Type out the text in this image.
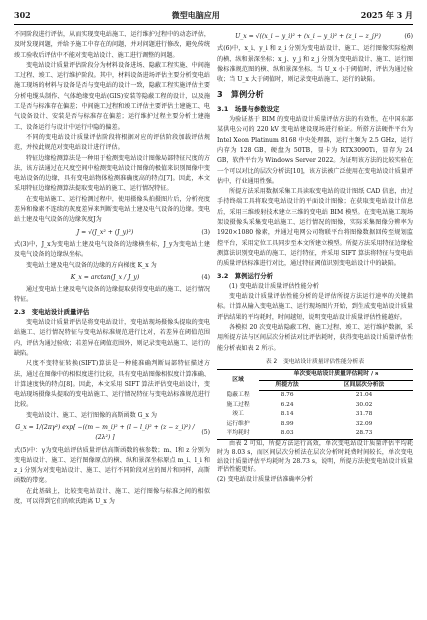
302	微型电脑应用	2025 年 3 月

不同阶段进行评估，从而实现变电站施工、运行维护过程中的动态评估，及时发现问题，并给予施工中存在的问题，并对问题进行修改，避免传统竣工验收后评估中不能对变电站设计、施工进行调整的问题。

变电站设计质量评估阶段分为材料设备进场、隐蔽工程实施、中间施工过程、竣工、运行维护阶段。其中，材料设备进场评估主要分析变电站施工现场的材料与设备是否与变电站的设计一致，隐蔽工程实施评估主要分析电缆头制作、气体绝缘变电站(GIS)安装等隐蔽工程的设计，以及施工是否与标准存在偏差；中间施工过程和竣工评估主要评估土建施工、电气设备设计、安装是否与标准存在偏差；运行维护过程主要分析土建施工、设备运行与设计中运行中隐的偏差。

不同的变电站设计质量评估阶段将根据对应的评估阶段加载评估规范，并按此规范对变电站设计进行评估。

特征边缘检测算法是一种用于检测变电站设计图像局部特征尺度的方法，该方法通过在尺度空间中检测变电站设计图像的极值来识别图像中变电站设备的边缘，具有变电站物体检测准确度高的特点[7]。因此，本文采用特征边缘检测算法提取变电站的施工、运行情况特征。

在变电站施工、运行检测过程中，使用摄像头拍摄图片后，分析亮度差异和像素不连续的灰度差异来判断变电站土建及电气设备的边缘。变电站土建及电气设备的边缘灰度J为

J = √(J_x² + (J_y)²)	(3)

式(3)中，J_x为变电站土建及电气设备的边缘横坐标，J_y为变电站土建及电气设备的边缘纵坐标。

变电站土建及电气设备的边缘的方向梯度 K_x 为

K_x = arctan(J_x / J_y)	(4)

通过变电站土建及电气设备的边缘提取获得变电站的施工、运行情况特征。

2.3　变电站设计质量评估

变电站设计质量评估是将变电站设计，变电站现场摄像头提取的变电站施工、运行情况特征与变电站标准规范进行比对，若差异在阈值范围内，评估为通过验收；若差异在阈值范围外，则记录变电站施工、运行的缺陷。

尺度不变特征转换(SIFT)算法是一种能准确判断局部特征描述方法，通过在图像中的相似度进行比较，具有变电站图像相似度计算准确、计算速度快的特点[8]。因此，本文采用 SIFT 算法评估变电站设计，变电站现场摄像头提取的变电站施工、运行情况特征与变电站标准规范进行比较。

变电站设计、施工、运行图像的高斯函数 G_x 为

G_x = 1/(2πγ²) exp[ −((m − m_i)² + (l − l_i)² + (z − z_i)²) / (2λ²) ]
(5)

式(5)中：γ为变电站评估质量评估高斯函数的核参数；m、l和 z 分别为变电站设计、施工、运行图像原点的横、纵和景深坐标原点 m_i、l_i 和 z_i 分别为对变电站设计、施工、运行不同阶段对应的图片和同样，高斯函数的带宽。

在此基础上，比较变电站设计、施工、运行图像与标准之间的相似度，可以得到它们的欧氏距离 U_x 为

U_x = √((x_i − y_i)² + (x_i − y_i)² + (z_i − z_j)²)	(6)

式(6)中，x_i、y_i 和 z_i 分别为变电站设计、施工、运行图像实际检测的横、纵和景深坐标；x_j、y_j 和 z_j 分别为变电站设计、施工、运行图像标准规范图的横、纵和景深坐标。当 U_x 小于阈值时，评估为通过验收；当 U_x 大于阈值时，则记录变电站施工、运行的缺陷。

3　算例分析
3.1　场景与参数设定

为验证基于 BIM 的变电站设计质量评估方法的有效性，在中国东部某供电公司的 220 kV 变电站建设现场进行验证。所搭方法硬件平台为 Intel Xeon Platinum 8168 中央处理器，运行主频为 2.5 GHz，运行内存为 128 GB，硬盘为 50TB，显卡为 RTX3090Ti，显存为 24 GB，软件平台为 Windows Server 2022。为证明该方法的比较实验在一个可以对比的层次分析法[10]，该方法被广泛使用在变电站设计质量评估中，行业通用性强。

所提方法采用数据采集工具读取变电站的设计图纸 CAD 信息，由过手持终端工具将取变电站设计的平面设计图像；在获取变电站设计信息后，采用三维竣射技术建立三维的变电站 BIM 模型。在变电站施工现场架设摄像头采集变电站施工、运行情况的图像，实际采集图像分辨率为 1920×1080 像素，并通过电网公司物联平台将图像数据回传至规划监控平台，采用定位工具同步至本文所建立模型。所提方法采用特征边缘检测算法识别变电站的施工、运行特征，并采用 SIFT 算法将特征与变电站的质量评估标准进行对比，通过特征阈值识别变电站设计中的缺陷。

3.2　算例运行分析

(1) 变电站设计质量评估性能分析

变电站设计质量评估性能分析的是评估所提方法运行速率的关键指标。计算从输入变电站施工、运行现场图片开始，到生成变电站设计质量评估结果的平均耗时，时间越短，说明变电站设计质量评估性能越好。

各模拟 20 次变电站隐蔽工程、施工过程、竣工、运行维护数据，采用所提方法与区间层次分析法对比评估耗时，获得变电站设计质量评估性能分析表如表 2 所示。

表 2　变电站设计质量评估性能分析表
区域	单次变电站设计质量评估耗时 / s	
	所提方法	区间层次分析法
隐蔽工程	8.76	21.04
施工过程	6.24	30.02
竣工	8.14	31.78
运行维护	8.99	32.09
平均耗时	8.03	28.73

由表 2 可知，所提方法运行高效，单次变电站设计质量评估平均耗时为 8.03 s，而区间层次分析法在层次分析时耗费时间较长，单次变电站设计质量评估平均耗时为 28.73 s，说明，所提方法使变电站设计质量评估性能更好。

(2) 变电站设计质量评估准确率分析
